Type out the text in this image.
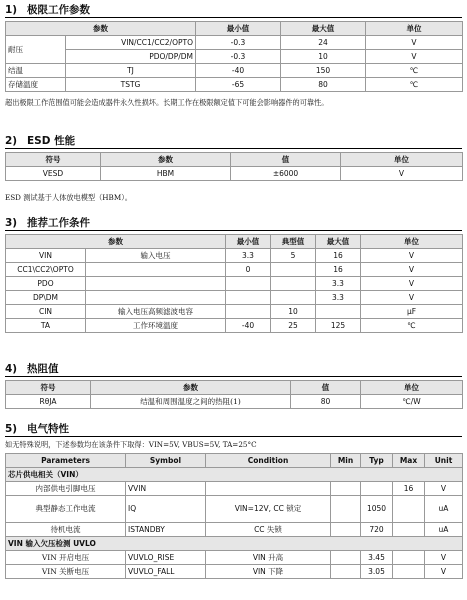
1) 极限工作参数
参数		最小值	最大值	单位
耐压	VIN/CC1/CC2/OPTO	-0.3	24	V
	PDO/DP/DM	-0.3	10	V
结温	TJ	-40	150	℃
存储温度	TSTG	-65	80	℃
超出极限工作范围值可能会造成器件永久性损坏。长期工作在极限额定值下可能会影响器件的可靠性。
2) ESD 性能
符号	参数	值	单位
VESD	HBM	±6000	V
ESD 测试基于人体放电模型（HBM）。
3) 推荐工作条件
参数		最小值	典型值	最大值	单位
VIN	输入电压	3.3	5	16	V
CC1\CC2\OPTO		0		16	V
PDO				3.3	V
DP\DM				3.3	V
CIN	输入电压高频滤波电容		10		μF
TA	工作环境温度	-40	25	125	℃
4) 热阻值
符号	参数	值	单位
RθJA	结温和周围温度之间的热阻(1)	80	℃/W
5) 电气特性
如无特殊说明，下述参数均在该条件下取得：VIN=5V, VBUS=5V, TA=25°C
Parameters	Symbol	Condition	Min	Typ	Max	Unit
芯片供电相关（VIN）						
内部供电引脚电压	VVIN				16	V
典型静态工作电流	IQ	VIN=12V, CC 锁定		1050		uA
待机电流	ISTANDBY	CC 失锁		720		uA
VIN 输入欠压检测 UVLO						
VIN 开启电压	VUVLO_RISE	VIN 升高		3.45		V
VIN 关断电压	VUVLO_FALL	VIN 下降		3.05		V
